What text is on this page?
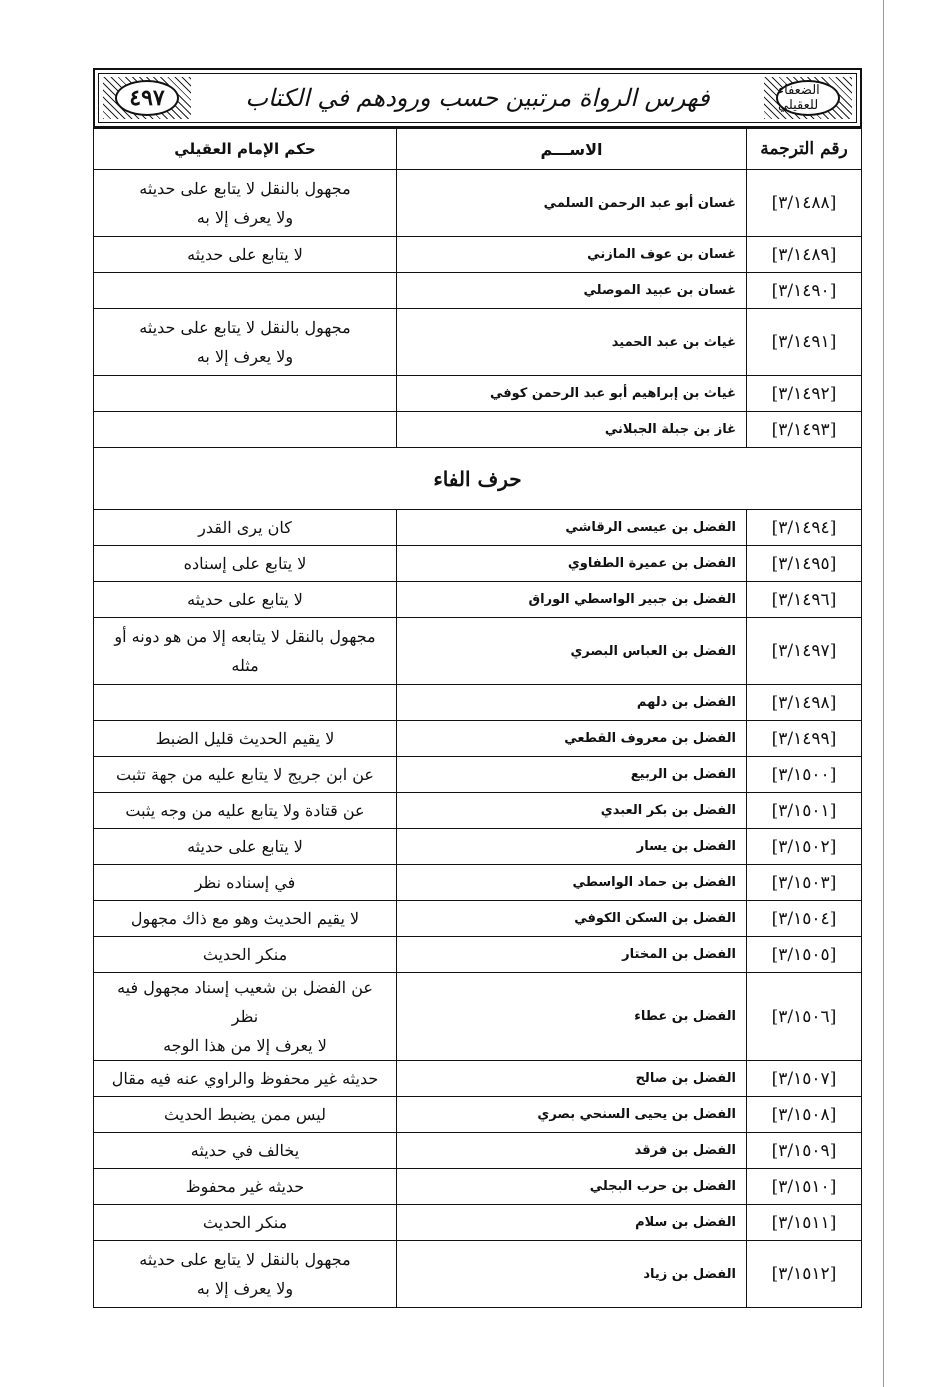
٤٩٧	الضعفاء للعقيلي
فهرس الرواة مرتبين حسب ورودهم في الكتاب
رقم الترجمة	الاســـم	حكم الإمام العقيلي
[٣/١٤٨٨]	غسان أبو عبد الرحمن السلمي	مجهول بالنقل لا يتابع على حديثه
ولا يعرف إلا به

[٣/١٤٨٩]	غسان بن عوف المازني	لا يتابع على حديثه

[٣/١٤٩٠]	غسان بن عبيد الموصلي	
[٣/١٤٩١]	غياث بن عبد الحميد	مجهول بالنقل لا يتابع على حديثه
ولا يعرف إلا به

[٣/١٤٩٢]	غياث بن إبراهيم أبو عبد الرحمن كوفي	
[٣/١٤٩٣]	غاز بن جبلة الجبلاني	
حرف الفاء		
[٣/١٤٩٤]	الفضل بن عيسى الرقاشي	كان يرى القدر

[٣/١٤٩٥]	الفضل بن عميرة الطفاوي	لا يتابع على إسناده

[٣/١٤٩٦]	الفضل بن جبير الواسطي الوراق	لا يتابع على حديثه

[٣/١٤٩٧]	الفضل بن العباس البصري	مجهول بالنقل لا يتابعه إلا من هو دونه أو
مثله

[٣/١٤٩٨]	الفضل بن دلهم	
[٣/١٤٩٩]	الفضل بن معروف القطعي	لا يقيم الحديث قليل الضبط

[٣/١٥٠٠]	الفضل بن الربيع	عن ابن جريج لا يتابع عليه من جهة تثبت

[٣/١٥٠١]	الفضل بن بكر العبدي	عن قتادة ولا يتابع عليه من وجه يثبت

[٣/١٥٠٢]	الفضل بن يسار	لا يتابع على حديثه

[٣/١٥٠٣]	الفضل بن حماد الواسطي	في إسناده نظر

[٣/١٥٠٤]	الفضل بن السكن الكوفي	لا يقيم الحديث وهو مع ذاك مجهول

[٣/١٥٠٥]	الفضل بن المختار	منكر الحديث

[٣/١٥٠٦]	الفضل بن عطاء	عن الفضل بن شعيب إسناد مجهول فيه نظر
لا يعرف إلا من هذا الوجه

[٣/١٥٠٧]	الفضل بن صالح	حديثه غير محفوظ والراوي عنه فيه مقال

[٣/١٥٠٨]	الفضل بن يحيى السنحي بصري	ليس ممن يضبط الحديث

[٣/١٥٠٩]	الفضل بن فرقد	يخالف في حديثه

[٣/١٥١٠]	الفضل بن حرب البجلي	حديثه غير محفوظ

[٣/١٥١١]	الفضل بن سلام	منكر الحديث

[٣/١٥١٢]	الفضل بن زياد	مجهول بالنقل لا يتابع على حديثه
ولا يعرف إلا به
